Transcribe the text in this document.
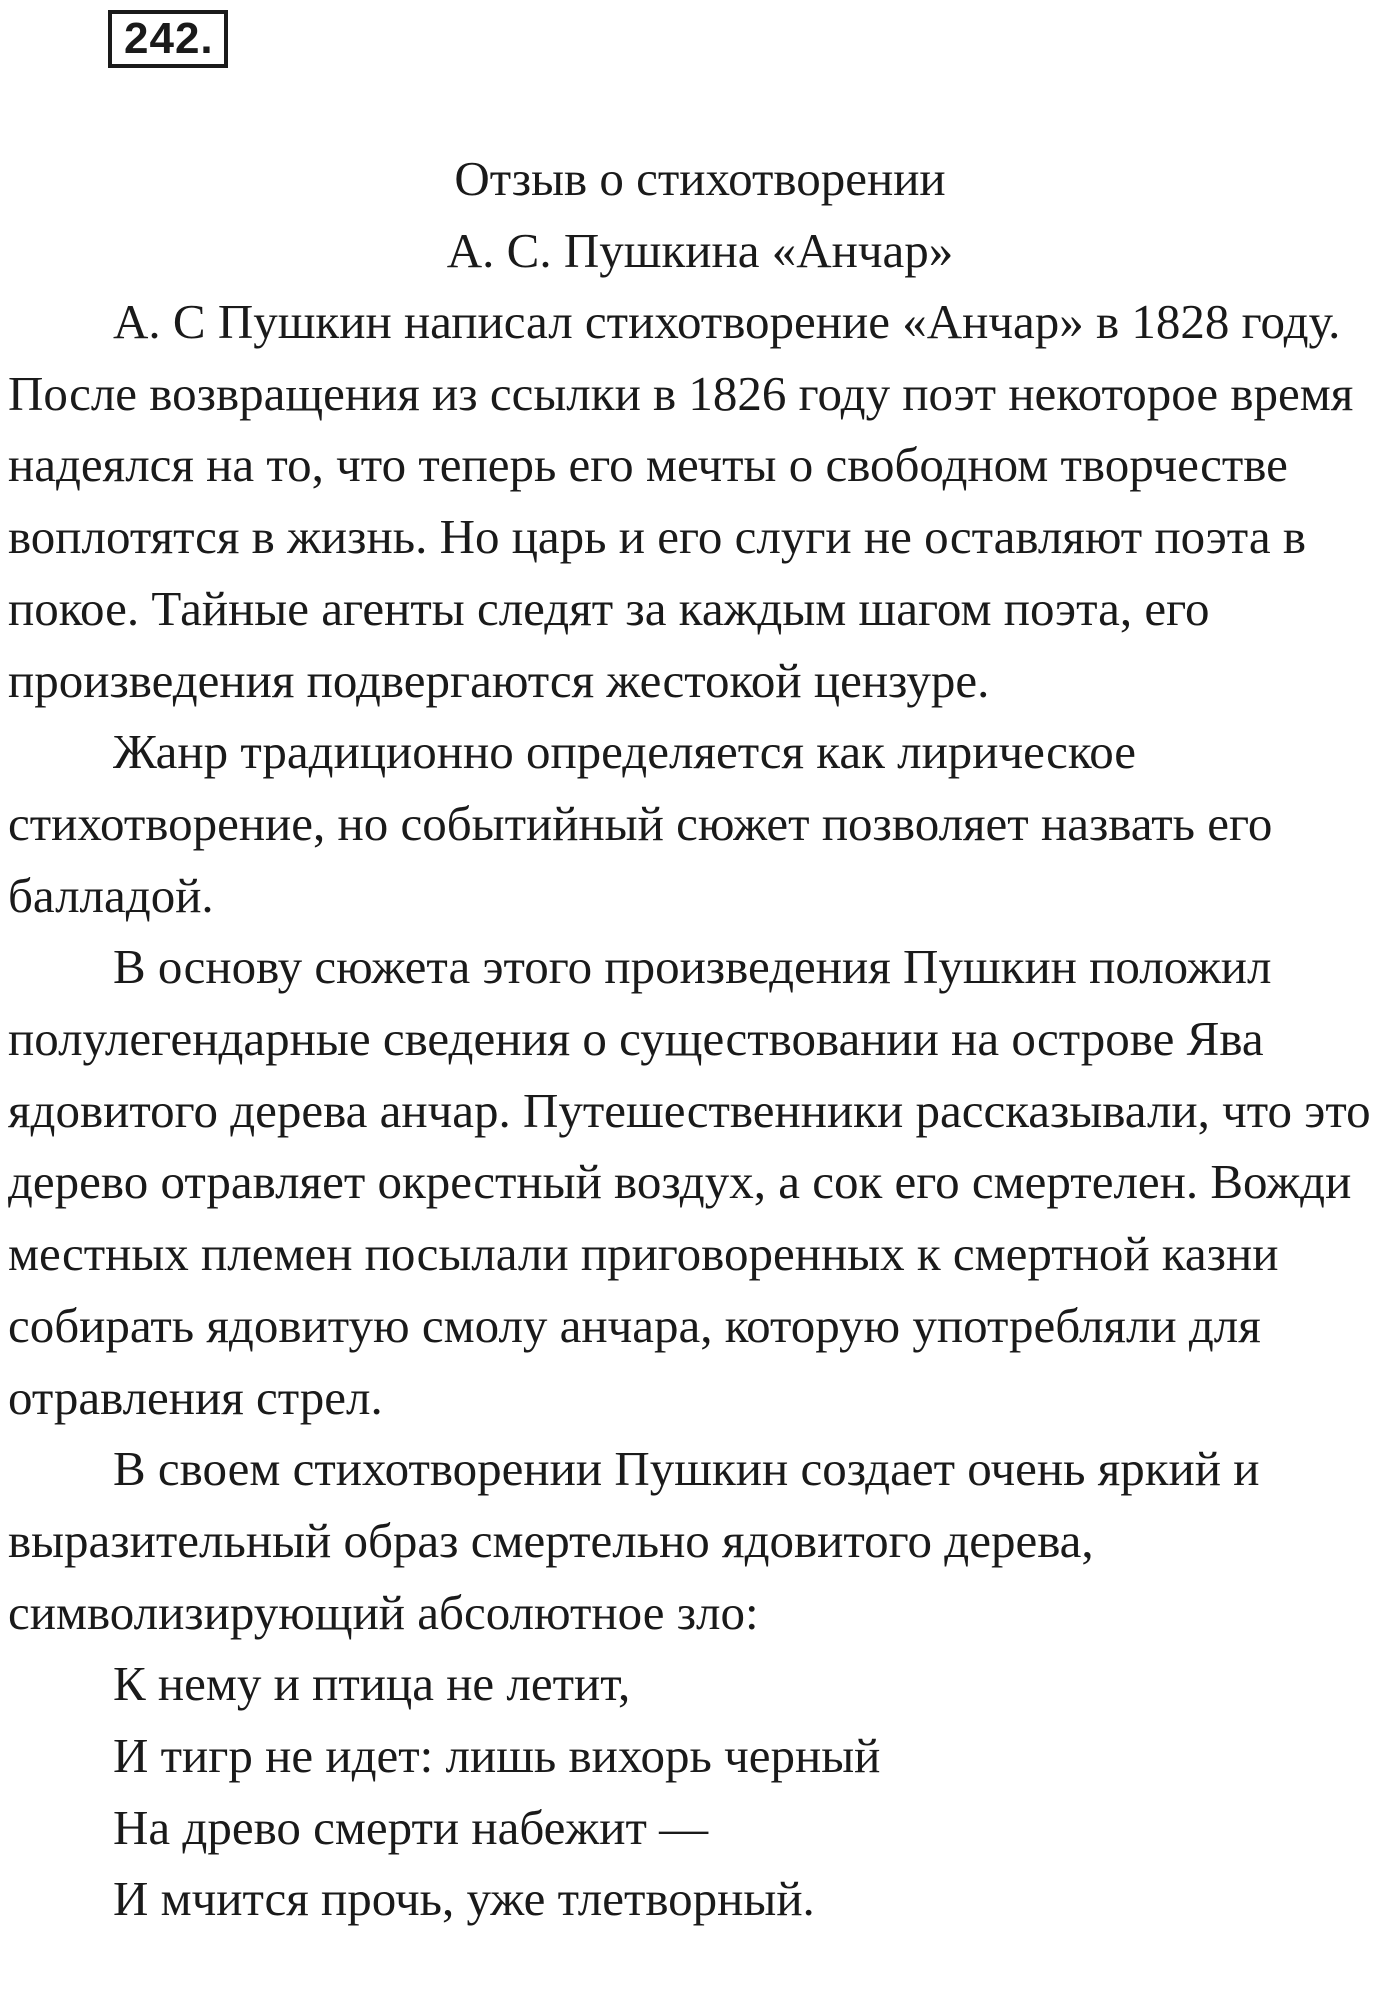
242.
Отзыв о стихотворении
А. С. Пушкина «Анчар»

А. С Пушкин написал стихотворение «Анчар» в 1828 году. После возвращения из ссылки в 1826 году поэт некоторое время надеялся на то, что теперь его мечты о свободном творчестве воплотятся в жизнь. Но царь и его слуги не оставляют поэта в покое. Тайные агенты следят за каждым шагом поэта, его произведения подвергаются жестокой цензуре.

Жанр традиционно определяется как лирическое стихотворение, но событийный сюжет позволяет назвать его балладой.

В основу сюжета этого произведения Пушкин положил полулегендарные сведения о существовании на острове Ява ядовитого дерева анчар. Путешественники рассказывали, что это дерево отравляет окрестный воздух, а сок его смертелен. Вожди местных племен посылали приговоренных к смертной казни собирать ядовитую смолу анчара, которую употребляли для отравления стрел.

В своем стихотворении Пушкин создает очень яркий и выразительный образ смертельно ядовитого дерева, символизирующий абсолютное зло:

К нему и птица не летит,
И тигр не идет: лишь вихорь черный
На древо смерти набежит —
И мчится прочь, уже тлетворный.
